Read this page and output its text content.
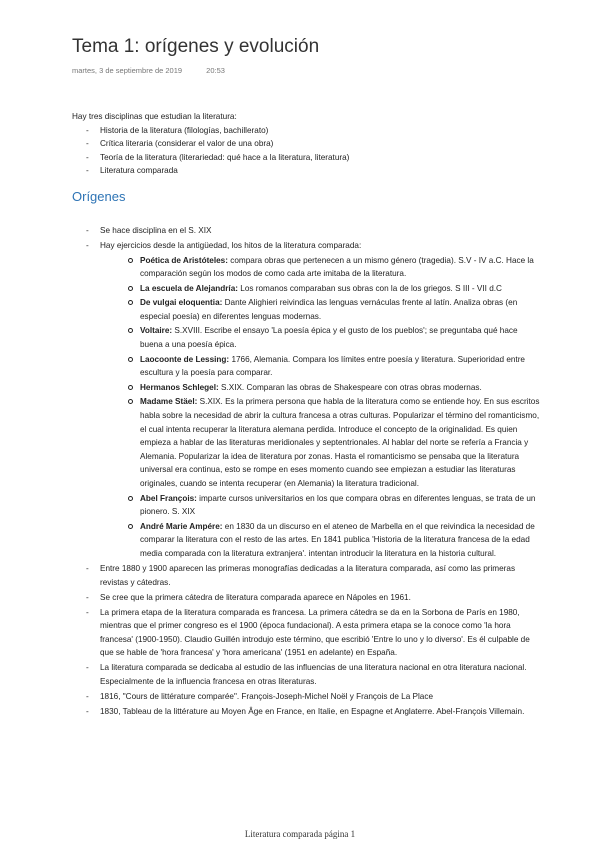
Tema 1: orígenes y evolución
martes, 3 de septiembre de 2019	20:53

Hay tres disciplinas que estudian la literatura:

- Historia de la literatura (filologías, bachillerato)
- Crítica literaria (considerar el valor de una obra)
- Teoría de la literatura (literariedad: qué hace a la literatura, literatura)
- Literatura comparada
Orígenes
- Se hace disciplina en el S. XIX
- Hay ejercicios desde la antigüedad, los hitos de la literatura comparada:
Poética de Aristóteles: compara obras que pertenecen a un mismo género (tragedia). S.V - IV a.C. Hace la comparación según los modos de como cada arte imitaba de la literatura.
La escuela de Alejandría: Los romanos comparaban sus obras con la de los griegos. S III - VII d.C
De vulgai eloquentia: Dante Alighieri reivindica las lenguas vernáculas frente al latín. Analiza obras (en especial poesía) en diferentes lenguas modernas.
Voltaire: S.XVIII. Escribe el ensayo 'La poesía épica y el gusto de los pueblos'; se preguntaba qué hace buena a una poesía épica.
Laocoonte de Lessing: 1766, Alemania. Compara los límites entre poesía y literatura. Superioridad entre escultura y la poesía para comparar.
Hermanos Schlegel: S.XIX. Comparan las obras de Shakespeare con otras obras modernas.
Madame Stäel: S.XIX. Es la primera persona que habla de la literatura como se entiende hoy. En sus escritos habla sobre la necesidad de abrir la cultura francesa a otras culturas. Popularizar el término del romanticismo, el cual intenta recuperar la literatura alemana perdida. Introduce el concepto de la originalidad. Es quien empieza a hablar de las literaturas meridionales y septentrionales. Al hablar del norte se refería a Francia y Alemania. Popularizar la idea de literatura por zonas. Hasta el romanticismo se pensaba que la literatura universal era continua, esto se rompe en eses momento cuando see empiezan a estudiar las literaturas originales, cuando se intenta recuperar (en Alemania) la literatura tradicional.
Abel François: imparte cursos universitarios en los que compara obras en diferentes lenguas, se trata de un pionero. S. XIX
André Marie Ampére: en 1830 da un discurso en el ateneo de Marbella en el que reivindica la necesidad de comparar la literatura con el resto de las artes. En 1841 publica 'Historia de la literatura francesa de la edad media comparada con la literatura extranjera'. intentan introducir la literatura en la historia cultural.
- Entre 1880 y 1900 aparecen las primeras monografías dedicadas a la literatura comparada, así como las primeras revistas y cátedras.
- Se cree que la primera cátedra de literatura comparada aparece en Nápoles en 1961.
- La primera etapa de la literatura comparada es francesa. La primera cátedra se da en la Sorbona de París en 1980, mientras que el primer congreso es el 1900 (época fundacional). A esta primera etapa se la conoce como 'la hora francesa' (1900-1950). Claudio Guillén introdujo este término, que escribió 'Entre lo uno y lo diverso'. Es él culpable de que se hable de 'hora francesa' y 'hora americana' (1951 en adelante) en España.
- La literatura comparada se dedicaba al estudio de las influencias de una literatura nacional en otra literatura nacional. Especialmente de la influencia francesa en otras literaturas.
- 1816, "Cours de littérature comparée". François-Joseph-Michel Noël y François de La Place
- 1830, Tableau de la littérature au Moyen Âge en France, en Italie, en Espagne et Anglaterre. Abel-François Villemain.
Literatura comparada página 1
